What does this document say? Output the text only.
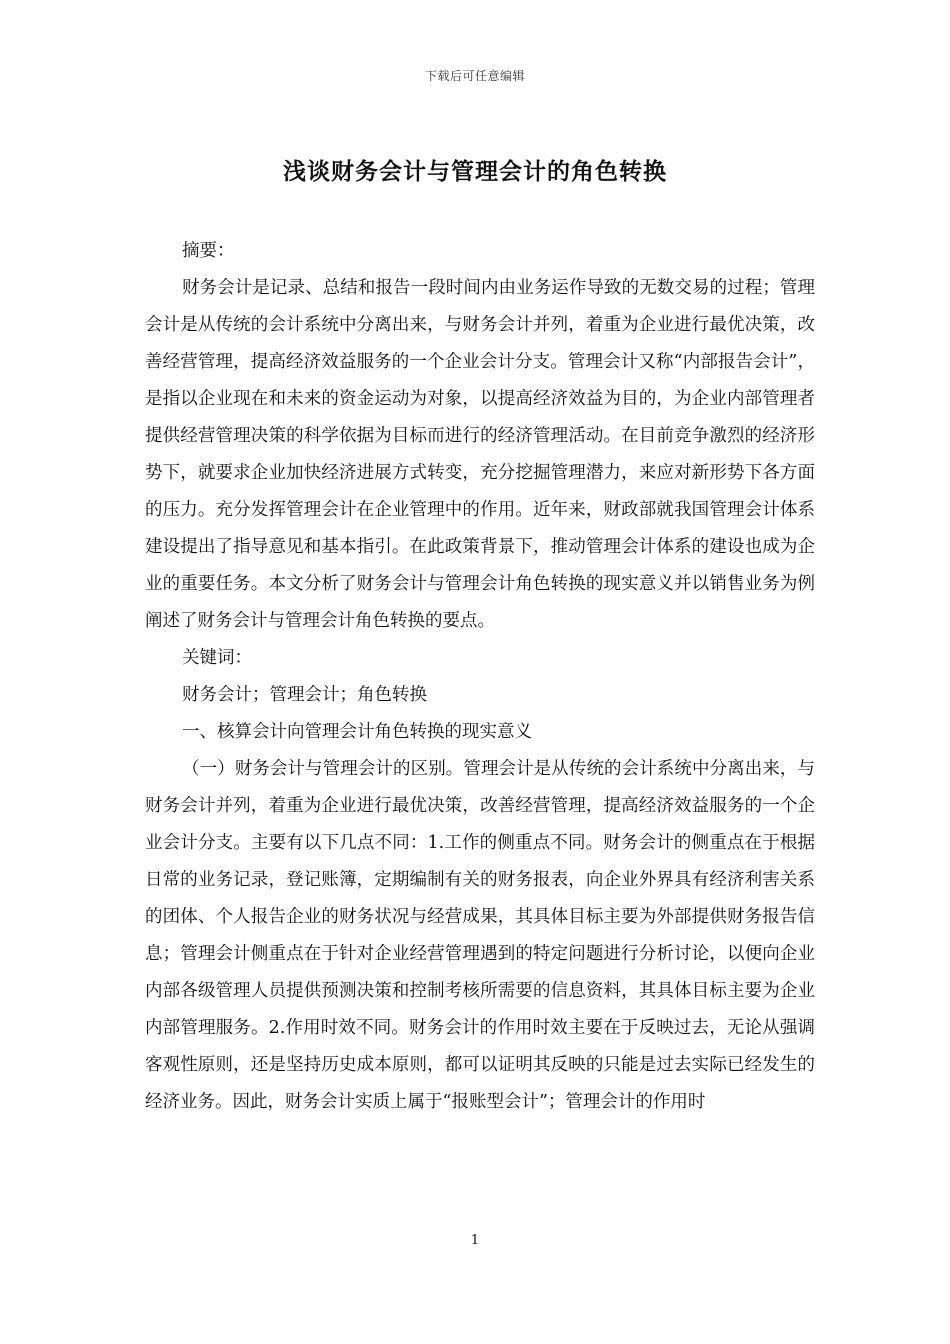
下载后可任意编辑
浅谈财务会计与管理会计的角色转换

摘要：

财务会计是记录、总结和报告一段时间内由业务运作导致的无数交易的过程；管理会计是从传统的会计系统中分离出来，与财务会计并列，着重为企业进行最优决策，改善经营管理，提高经济效益服务的一个企业会计分支。管理会计又称“内部报告会计”，是指以企业现在和未来的资金运动为对象，以提高经济效益为目的，为企业内部管理者提供经营管理决策的科学依据为目标而进行的经济管理活动。在目前竞争激烈的经济形势下，就要求企业加快经济进展方式转变，充分挖掘管理潜力，来应对新形势下各方面的压力。充分发挥管理会计在企业管理中的作用。近年来，财政部就我国管理会计体系建设提出了指导意见和基本指引。在此政策背景下，推动管理会计体系的建设也成为企业的重要任务。本文分析了财务会计与管理会计角色转换的现实意义并以销售业务为例阐述了财务会计与管理会计角色转换的要点。

关键词：

财务会计；管理会计；角色转换

一、核算会计向管理会计角色转换的现实意义

（一）财务会计与管理会计的区别。管理会计是从传统的会计系统中分离出来，与财务会计并列，着重为企业进行最优决策，改善经营管理，提高经济效益服务的一个企业会计分支。主要有以下几点不同：1.工作的侧重点不同。财务会计的侧重点在于根据日常的业务记录，登记账簿，定期编制有关的财务报表，向企业外界具有经济利害关系的团体、个人报告企业的财务状况与经营成果，其具体目标主要为外部提供财务报告信息；管理会计侧重点在于针对企业经营管理遇到的特定问题进行分析讨论，以便向企业内部各级管理人员提供预测决策和控制考核所需要的信息资料，其具体目标主要为企业内部管理服务。2.作用时效不同。财务会计的作用时效主要在于反映过去，无论从强调客观性原则，还是坚持历史成本原则，都可以证明其反映的只能是过去实际已经发生的经济业务。因此，财务会计实质上属于“报账型会计”；管理会计的作用时

1
